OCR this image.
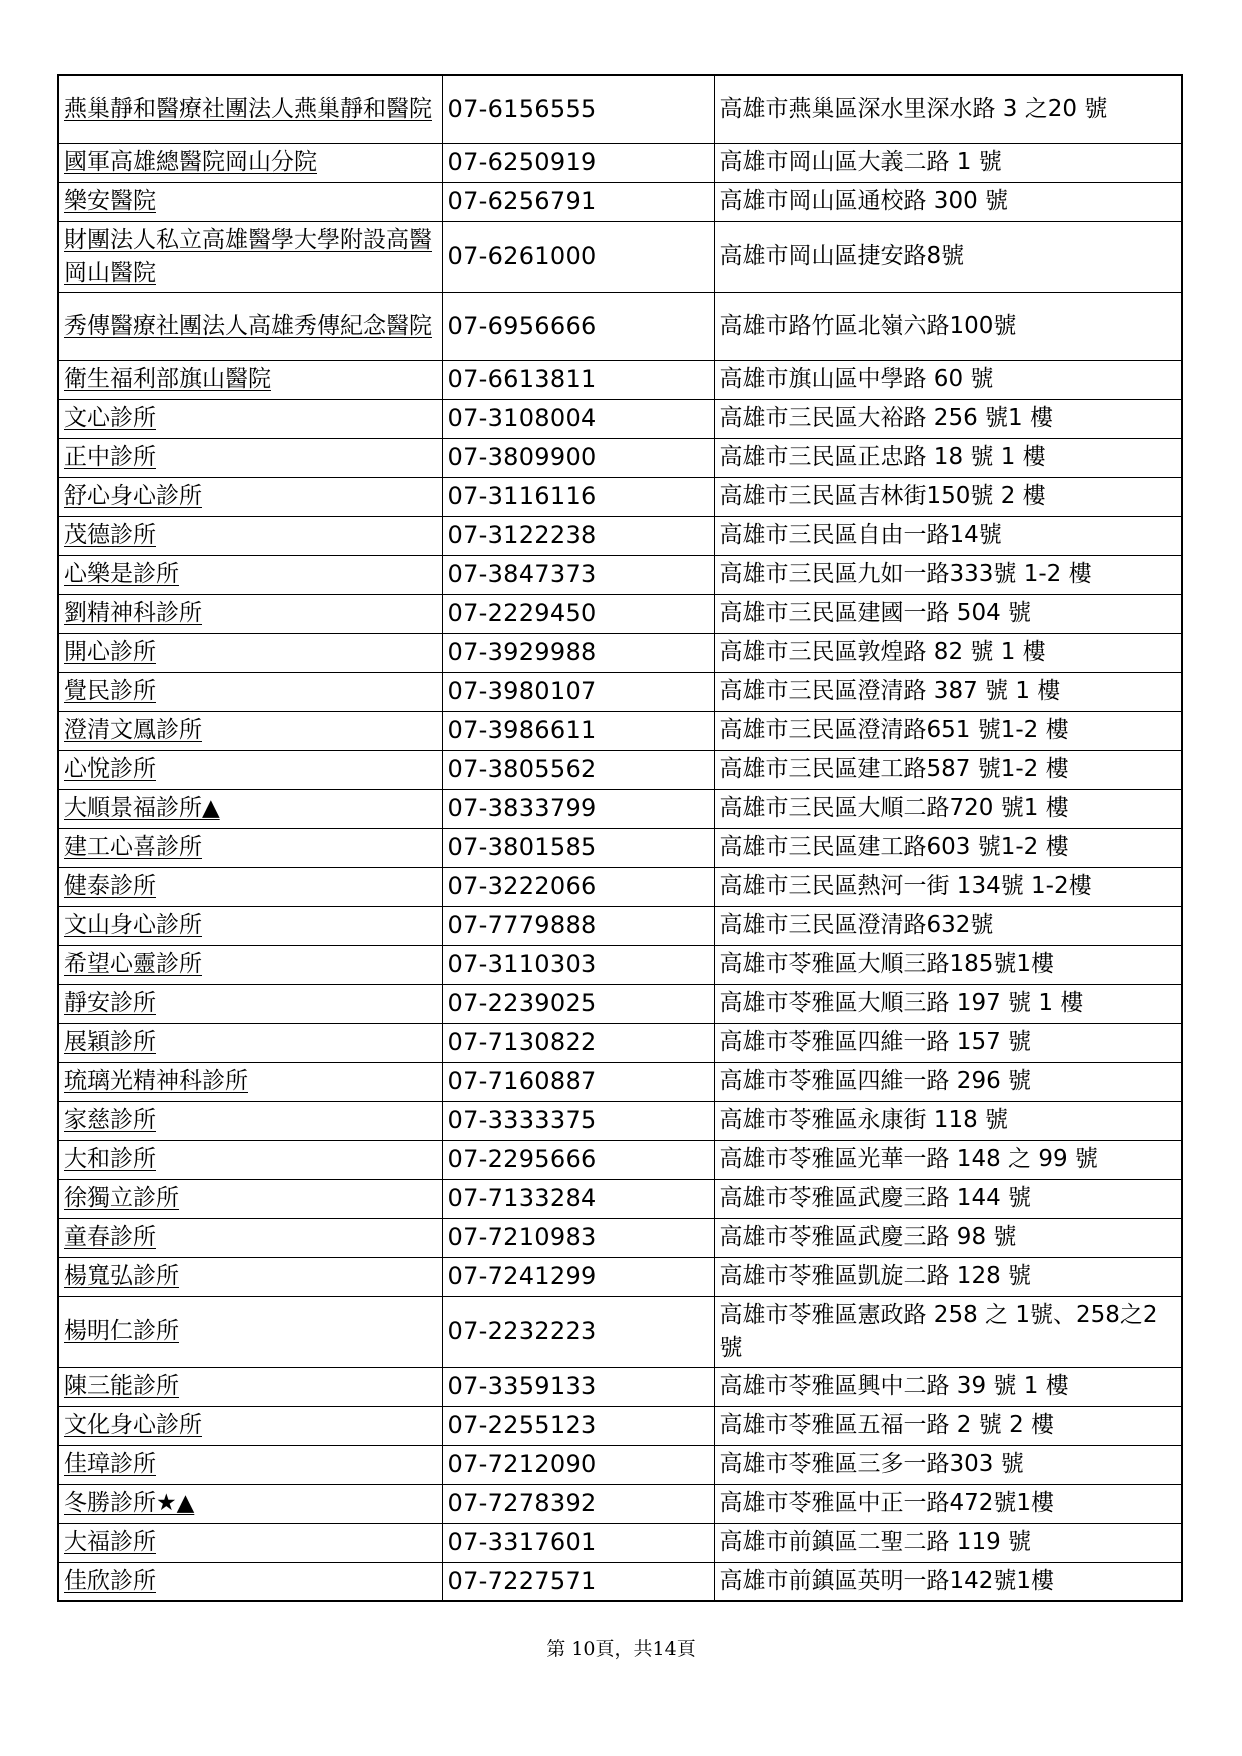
燕巢靜和醫療社團法人燕巢靜和醫院	07-6156555	高雄市燕巢區深水里深水路 3 之20 號
國軍高雄總醫院岡山分院	07-6250919	高雄市岡山區大義二路 1 號
樂安醫院	07-6256791	高雄市岡山區通校路 300 號
財團法人私立高雄醫學大學附設高醫岡山醫院	07-6261000	高雄市岡山區捷安路8號
秀傳醫療社團法人高雄秀傳紀念醫院	07-6956666	高雄市路竹區北嶺六路100號
衛生福利部旗山醫院	07-6613811	高雄市旗山區中學路 60 號
文心診所	07-3108004	高雄市三民區大裕路 256 號1 樓
正中診所	07-3809900	高雄市三民區正忠路 18 號 1 樓
舒心身心診所	07-3116116	高雄市三民區吉林街150號 2 樓
茂德診所	07-3122238	高雄市三民區自由一路14號
心樂是診所	07-3847373	高雄市三民區九如一路333號 1-2 樓
劉精神科診所	07-2229450	高雄市三民區建國一路 504 號
開心診所	07-3929988	高雄市三民區敦煌路 82 號 1 樓
覺民診所	07-3980107	高雄市三民區澄清路 387 號 1 樓
澄清文鳳診所	07-3986611	高雄市三民區澄清路651 號1-2 樓
心悅診所	07-3805562	高雄市三民區建工路587 號1-2 樓
大順景福診所▲	07-3833799	高雄市三民區大順二路720 號1 樓
建工心喜診所	07-3801585	高雄市三民區建工路603 號1-2 樓
健泰診所	07-3222066	高雄市三民區熱河一街 134號 1-2樓
文山身心診所	07-7779888	高雄市三民區澄清路632號
希望心靈診所	07-3110303	高雄市苓雅區大順三路185號1樓
靜安診所	07-2239025	高雄市苓雅區大順三路 197 號 1 樓
展穎診所	07-7130822	高雄市苓雅區四維一路 157 號
琉璃光精神科診所	07-7160887	高雄市苓雅區四維一路 296 號
家慈診所	07-3333375	高雄市苓雅區永康街 118 號
大和診所	07-2295666	高雄市苓雅區光華一路 148 之 99 號
徐獨立診所	07-7133284	高雄市苓雅區武慶三路 144 號
童春診所	07-7210983	高雄市苓雅區武慶三路 98 號
楊寬弘診所	07-7241299	高雄市苓雅區凱旋二路 128 號
楊明仁診所	07-2232223	高雄市苓雅區憲政路 258 之 1號、258之2號
陳三能診所	07-3359133	高雄市苓雅區興中二路 39 號 1 樓
文化身心診所	07-2255123	高雄市苓雅區五福一路 2 號 2 樓
佳璋診所	07-7212090	高雄市苓雅區三多一路303 號
冬勝診所★▲	07-7278392	高雄市苓雅區中正一路472號1樓
大福診所	07-3317601	高雄市前鎮區二聖二路 119 號
佳欣診所	07-7227571	高雄市前鎮區英明一路142號1樓
第 10頁，共14頁
